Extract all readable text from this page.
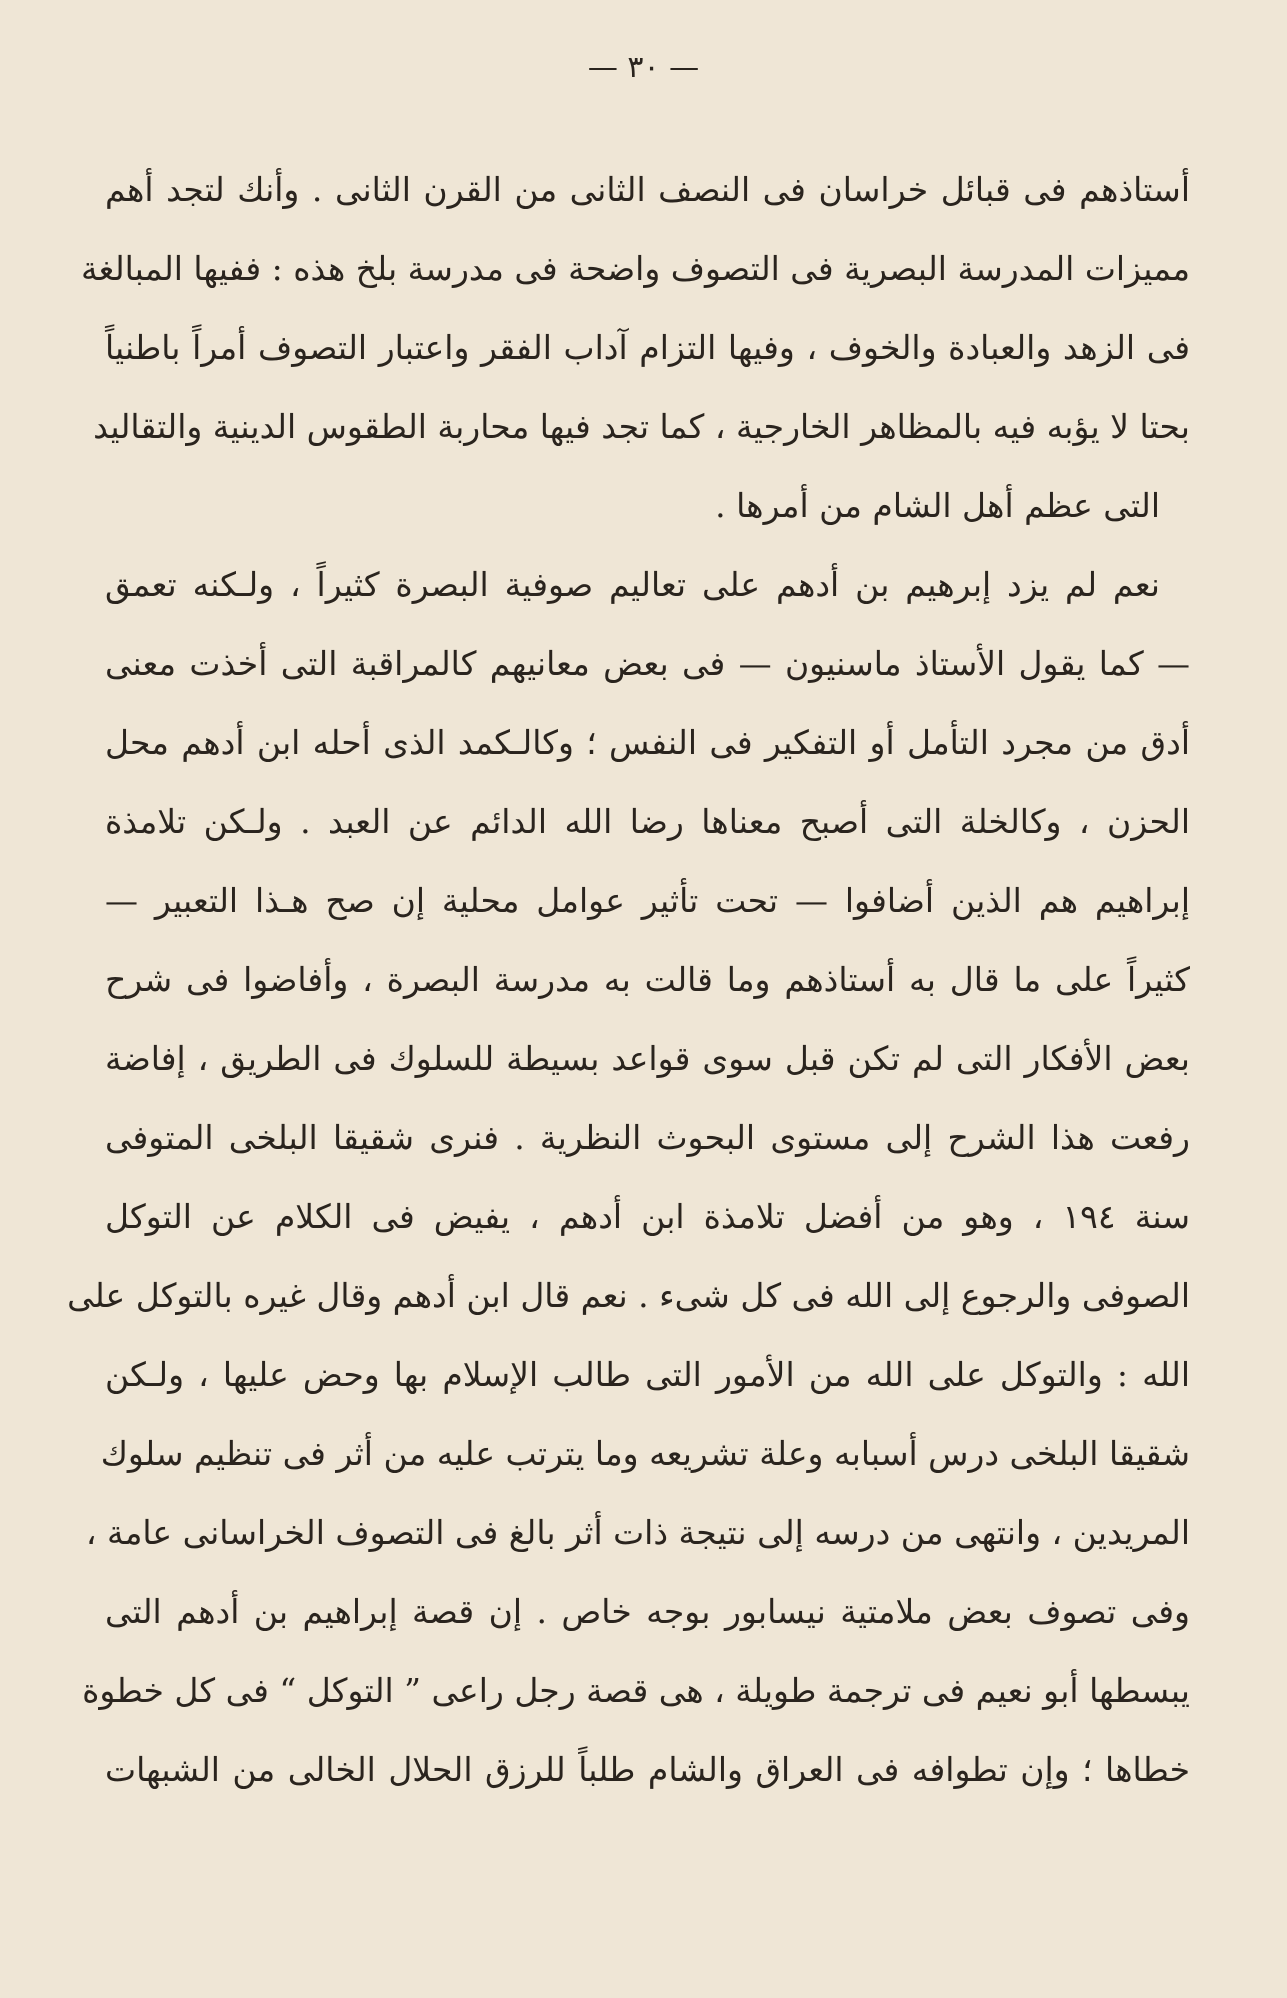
— ٣٠ —
أستاذهم فى قبائل خراسان فى النصف الثانى من القرن الثانى . وأنك لتجد أهم
مميزات المدرسة البصرية فى التصوف واضحة فى مدرسة بلخ هذه : ففيها المبالغة
فى الزهد والعبادة والخوف ، وفيها التزام آداب الفقر واعتبار التصوف أمراً باطنياً
بحتا لا يؤبه فيه بالمظاهر الخارجية ، كما تجد فيها محاربة الطقوس الدينية والتقاليد
التى عظم أهل الشام من أمرها .
نعم لم يزد إبرهيم بن أدهم على تعاليم صوفية البصرة كثيراً ، ولـكنه تعمق
— كما يقول الأستاذ ماسنيون — فى بعض معانيهم كالمراقبة التى أخذت معنى
أدق من مجرد التأمل أو التفكير فى النفس ؛ وكالـكمد الذى أحله ابن أدهم محل
الحزن ، وكالخلة التى أصبح معناها رضا الله الدائم عن العبد . ولـكن تلامذة
إبراهيم هم الذين أضافوا — تحت تأثير عوامل محلية إن صح هـذا التعبير —
كثيراً على ما قال به أستاذهم وما قالت به مدرسة البصرة ، وأفاضوا فى شرح
بعض الأفكار التى لم تكن قبل سوى قواعد بسيطة للسلوك فى الطريق ، إفاضة
رفعت هذا الشرح إلى مستوى البحوث النظرية . فنرى شقيقا البلخى المتوفى
سنة ١٩٤ ، وهو من أفضل تلامذة ابن أدهم ، يفيض فى الكلام عن التوكل
الصوفى والرجوع إلى الله فى كل شىء . نعم قال ابن أدهم وقال غيره بالتوكل على
الله : والتوكل على الله من الأمور التى طالب الإسلام بها وحض عليها ، ولـكن
شقيقا البلخى درس أسبابه وعلة تشريعه وما يترتب عليه من أثر فى تنظيم سلوك
المريدين ، وانتهى من درسه إلى نتيجة ذات أثر بالغ فى التصوف الخراسانى عامة ،
وفى تصوف بعض ملامتية نيسابور بوجه خاص . إن قصة إبراهيم بن أدهم التى
يبسطها أبو نعيم فى ترجمة طويلة ، هى قصة رجل راعى ” التوكل “ فى كل خطوة
خطاها ؛ وإن تطوافه فى العراق والشام طلباً للرزق الحلال الخالى من الشبهات
